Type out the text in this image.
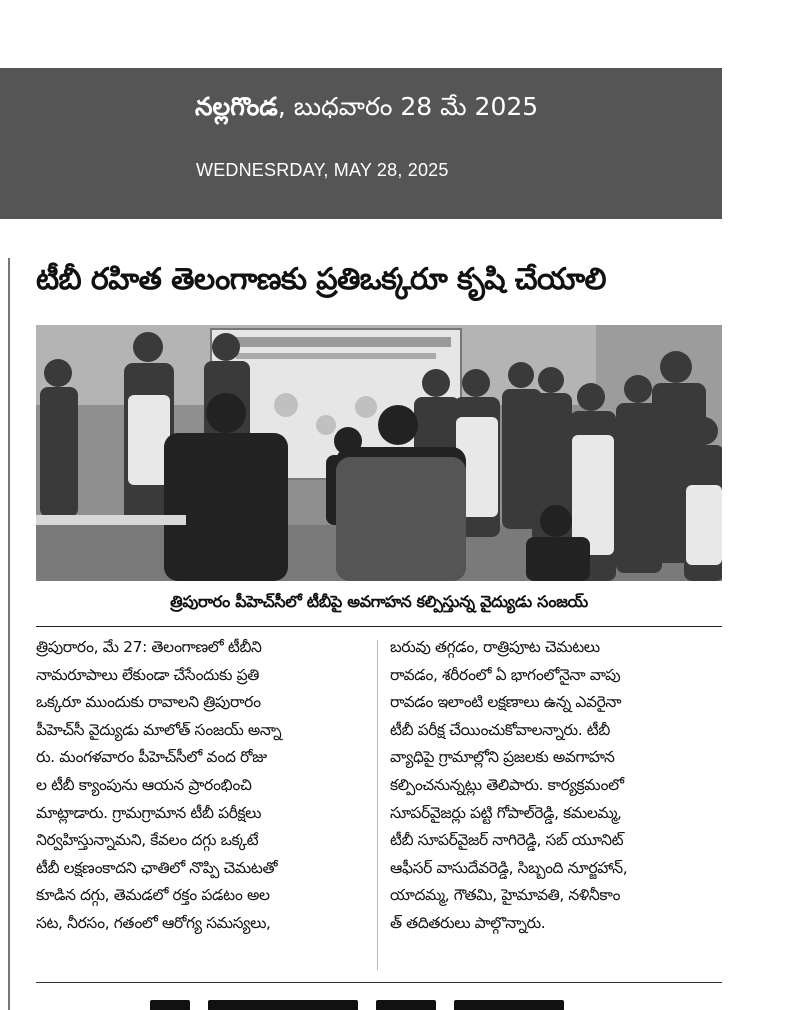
నల్లగొండ, బుధవారం 28 మే 2025
WEDNESRDAY, MAY 28, 2025
టీబీ రహిత తెలంగాణకు ప్రతిఒక్కరూ కృషి చేయాలి
త్రిపురారం పీహెచ్‌సీలో టీబీపై అవగాహన కల్పిస్తున్న వైద్యుడు సంజయ్
త్రిపురారం, మే 27: తెలంగాణలో టీబీని
నామరూపాలు లేకుండా చేసేందుకు ప్రతి
ఒక్కరూ ముందుకు రావాలని త్రిపురారం
పీహెచ్‌సీ వైద్యుడు మాలోత్ సంజయ్ అన్నా
రు. మంగళవారం పీహెచ్‌సీలో వంద రోజు
ల టీబీ క్యాంపును ఆయన ప్రారంభించి
మాట్లాడారు. గ్రామగ్రామాన టీబీ పరీక్షలు
నిర్వహిస్తున్నామని, కేవలం దగ్గు ఒక్కటే
టీబీ లక్షణంకాదని ఛాతిలో నొప్పి చెమటతో
కూడిన దగ్గు, తెమడలో రక్తం పడటం అల
సట, నీరసం, గతంలో ఆరోగ్య సమస్యలు,
బరువు తగ్గడం, రాత్రిపూట చెమటలు
రావడం, శరీరంలో ఏ భాగంలోనైనా వాపు
రావడం ఇలాంటి లక్షణాలు ఉన్న ఎవరైనా
టీబీ పరీక్ష చేయించుకోవాలన్నారు. టీబీ
వ్యాధిపై గ్రామాల్లోని ప్రజలకు అవగాహన
కల్పించనున్నట్లు తెలిపారు. కార్యక్రమంలో
సూపర్‌వైజర్లు పట్టి గోపాల్‌రెడ్డి, కమలమ్మ,
టీబీ సూపర్‌వైజర్ నాగిరెడ్డి, సబ్ యూనిట్
ఆఫీసర్ వాసుదేవరెడ్డి, సిబ్బంది నూర్జహాన్,
యాదమ్మ, గౌతమి, హైమావతి, నళినీకాం
త్ తదితరులు పాల్గొన్నారు.
